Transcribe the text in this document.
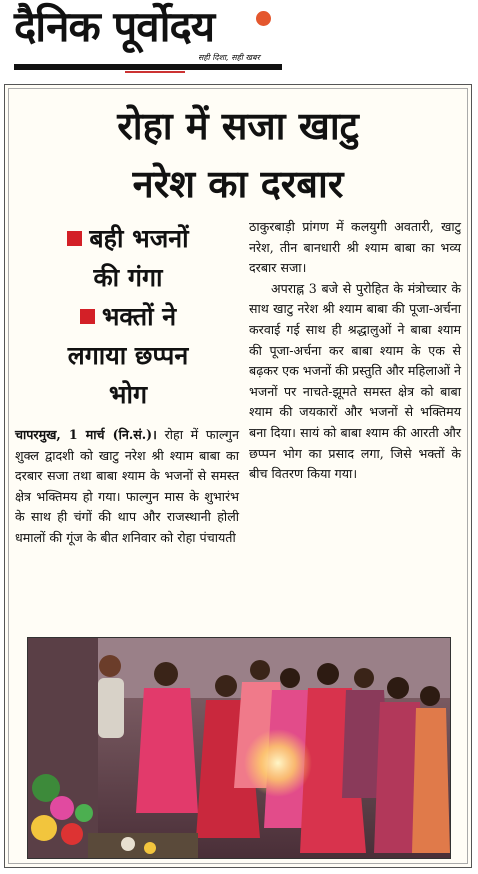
दैनिक पूर्वोदय
सही दिशा, सही खबर
रोहा में सजा खाटु
नरेश का दरबार
बही भजनों
की गंगा
भक्तों ने
लगाया छप्पन
भोग

चापरमुख, 1 मार्च (नि.सं.)। रोहा में फाल्गुन शुक्ल द्वादशी को खाटु नरेश श्री श्याम बाबा का दरबार सजा तथा बाबा श्याम के भजनों से समस्त क्षेत्र भक्तिमय हो गया। फाल्गुन मास के शुभारंभ के साथ ही चंगों की थाप और राजस्थानी होली धमालों की गूंज के बीत शनिवार को रोहा पंचायती

ठाकुरबाड़ी प्रांगण में कलयुगी अवतारी, खाटु नरेश, तीन बानधारी श्री श्याम बाबा का भव्य दरबार सजा।

अपराह्न 3 बजे से पुरोहित के मंत्रोच्चार के साथ खाटु नरेश श्री श्याम बाबा की पूजा-अर्चना करवाई गई साथ ही श्रद्धालुओं ने बाबा श्याम की पूजा-अर्चना कर बाबा श्याम के एक से बढ़कर एक भजनों की प्रस्तुति और महिलाओं ने भजनों पर नाचते-झूमते समस्त क्षेत्र को बाबा श्याम की जयकारों और भजनों से भक्तिमय बना दिया। सायं को बाबा श्याम की आरती और छप्पन भोग का प्रसाद लगा, जिसे भक्तों के बीच वितरण किया गया।
